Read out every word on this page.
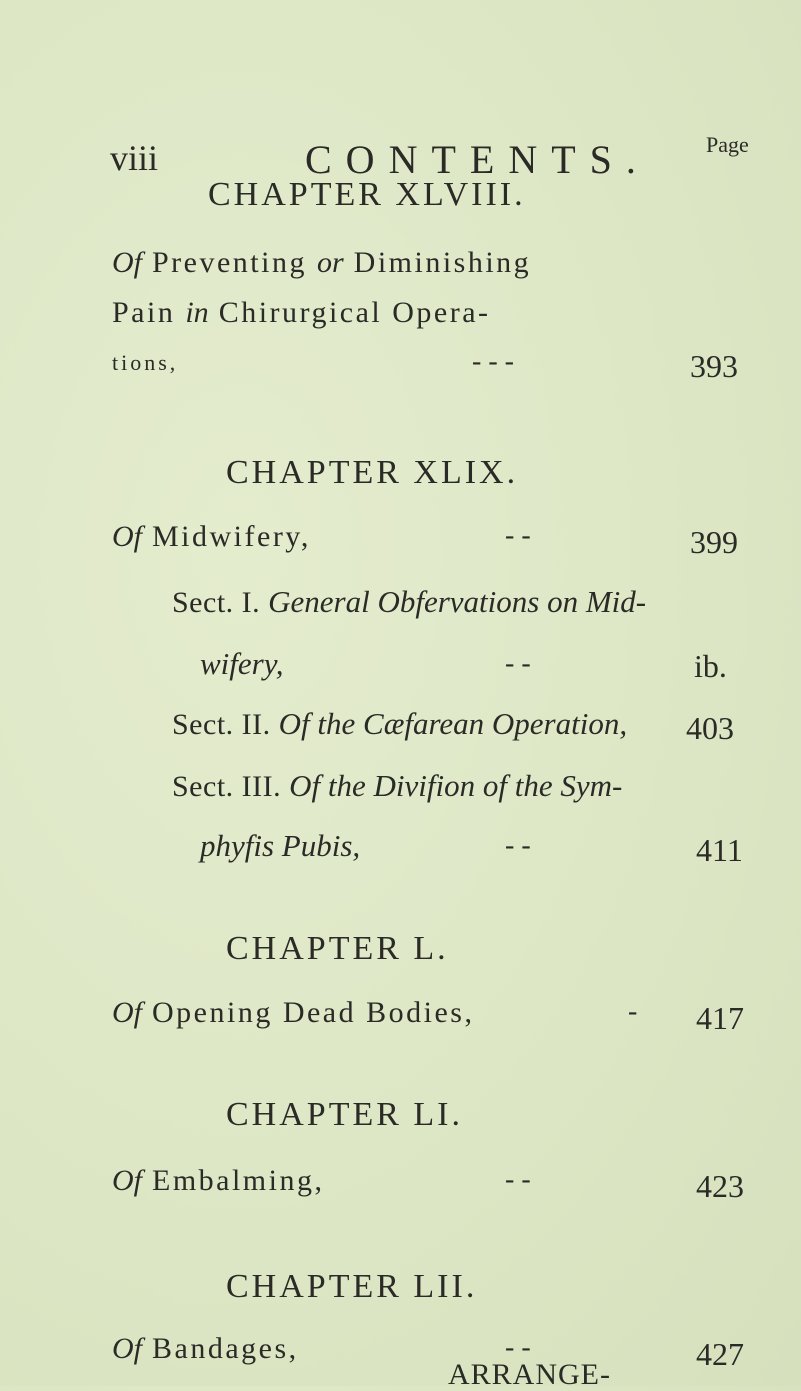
viii	CONTENTS.	Page
CHAPTER XLVIII.
Of Preventing or Diminishing
Pain in Chirurgical Opera-
tions,	- - -	393
CHAPTER XLIX.
Of Midwifery,	- -	399
Sect. I. General Obfervations on Mid-
wifery,	- -	ib.
Sect. II. Of the Cæfarean Operation, 403
Sect. III. Of the Divifion of the Sym-
phyfis Pubis,	- -	411
CHAPTER L.
Of Opening Dead Bodies,	- 417
CHAPTER LI.
Of Embalming,	- -	423
CHAPTER LII.
Of Bandages,	- -	427
ARRANGE-
